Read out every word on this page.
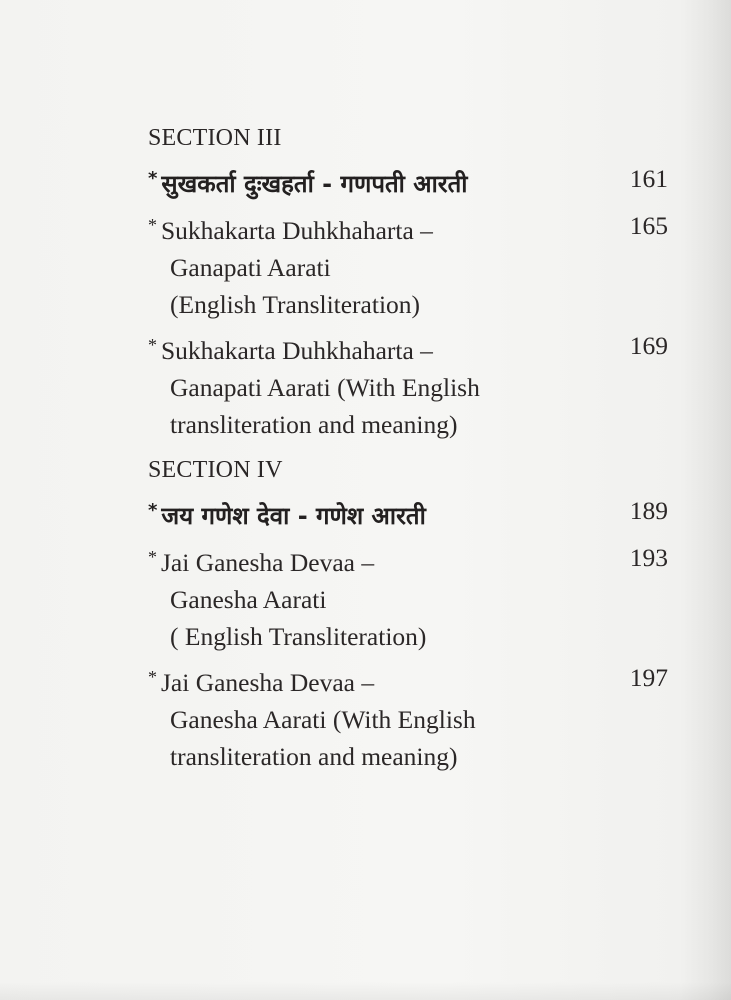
SECTION III
* सुखकर्ता दुःखहर्ता - गणपती आरती	161
* Sukhakarta Duhkhaharta –
Ganapati Aarati
(English Transliteration)
165
* Sukhakarta Duhkhaharta –
Ganapati Aarati (With English
transliteration and meaning)
169
SECTION IV
* जय गणेश देवा - गणेश आरती	189
* Jai Ganesha Devaa –
Ganesha Aarati
( English Transliteration)
193
* Jai Ganesha Devaa –
Ganesha Aarati (With English
transliteration and meaning)
197
